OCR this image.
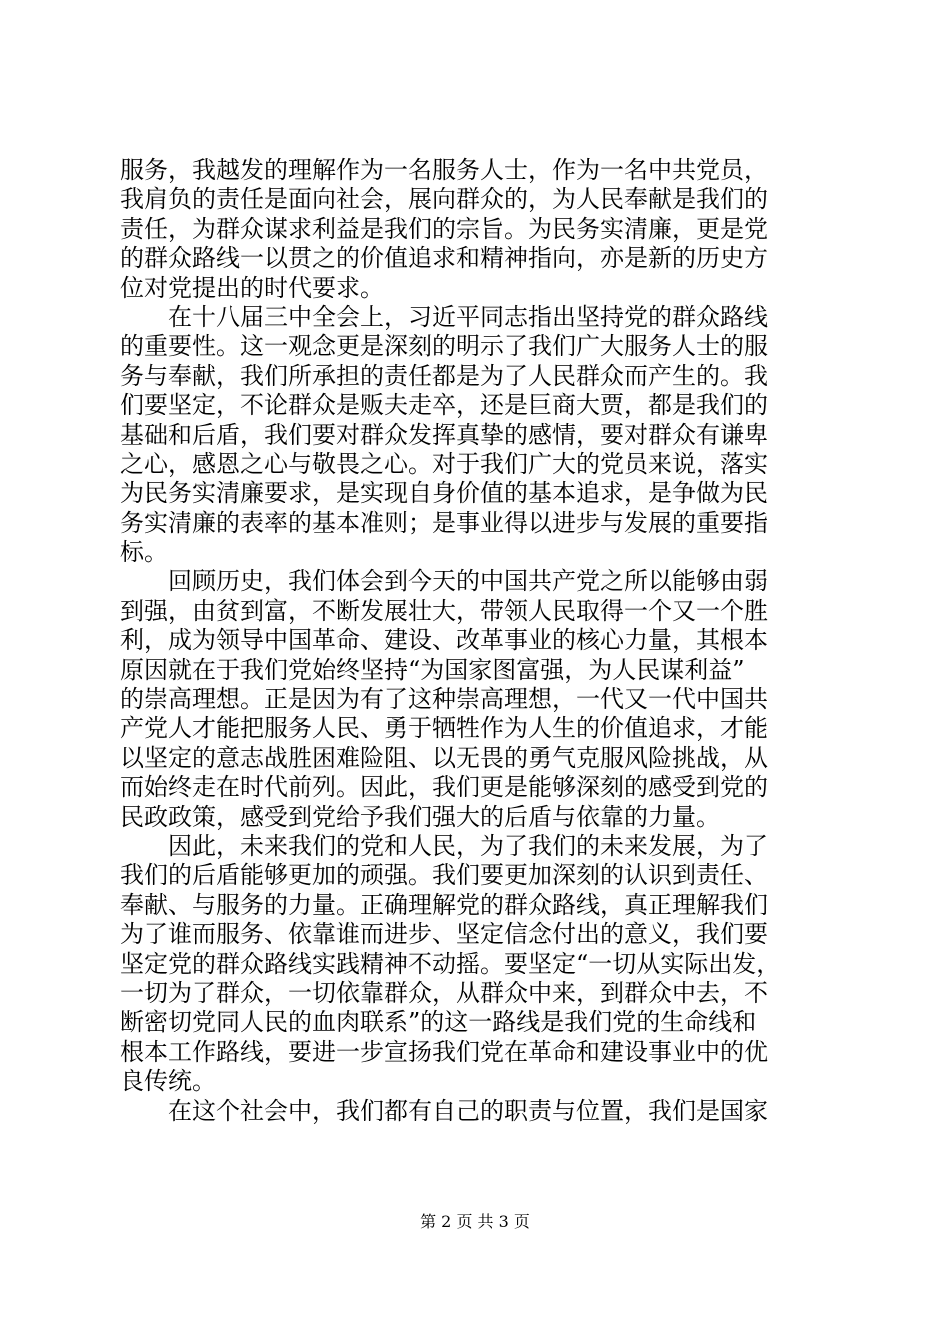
服务，我越发的理解作为一名服务人士，作为一名中共党员，
我肩负的责任是面向社会，展向群众的，为人民奉献是我们的
责任，为群众谋求利益是我们的宗旨。为民务实清廉，更是党
的群众路线一以贯之的价值追求和精神指向，亦是新的历史方
位对党提出的时代要求。
在十八届三中全会上，习近平同志指出坚持党的群众路线
的重要性。这一观念更是深刻的明示了我们广大服务人士的服
务与奉献，我们所承担的责任都是为了人民群众而产生的。我
们要坚定，不论群众是贩夫走卒，还是巨商大贾，都是我们的
基础和后盾，我们要对群众发挥真挚的感情，要对群众有谦卑
之心，感恩之心与敬畏之心。对于我们广大的党员来说，落实
为民务实清廉要求，是实现自身价值的基本追求，是争做为民
务实清廉的表率的基本准则；是事业得以进步与发展的重要指
标。
回顾历史，我们体会到今天的中国共产党之所以能够由弱
到强，由贫到富，不断发展壮大，带领人民取得一个又一个胜
利，成为领导中国革命、建设、改革事业的核心力量，其根本
原因就在于我们党始终坚持“为国家图富强，为人民谋利益”
的崇高理想。正是因为有了这种崇高理想，一代又一代中国共
产党人才能把服务人民、勇于牺牲作为人生的价值追求，才能
以坚定的意志战胜困难险阻、以无畏的勇气克服风险挑战，从
而始终走在时代前列。因此，我们更是能够深刻的感受到党的
民政政策，感受到党给予我们强大的后盾与依靠的力量。
因此，未来我们的党和人民，为了我们的未来发展，为了
我们的后盾能够更加的顽强。我们要更加深刻的认识到责任、
奉献、与服务的力量。正确理解党的群众路线，真正理解我们
为了谁而服务、依靠谁而进步、坚定信念付出的意义，我们要
坚定党的群众路线实践精神不动摇。要坚定“一切从实际出发，
一切为了群众，一切依靠群众，从群众中来，到群众中去，不
断密切党同人民的血肉联系”的这一路线是我们党的生命线和
根本工作路线，要进一步宣扬我们党在革命和建设事业中的优
良传统。
在这个社会中，我们都有自己的职责与位置，我们是国家
第 2 页 共 3 页
